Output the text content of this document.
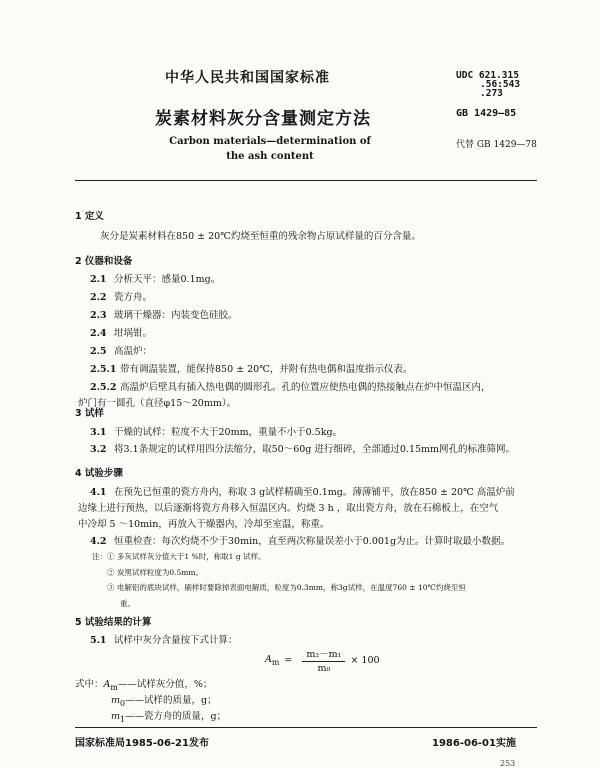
中华人民共和国国家标准
炭素材料灰分含量测定方法
Carbon materials—determination of the ash content
UDC 621.315
.56:543
.273
GB 1429—85
代替 GB 1429—78
1 定义
灰分是炭素材料在850 ± 20℃灼烧至恒重的残余物占原试样量的百分含量。
2 仪器和设备
2.1 分析天平：感量0.1mg。
2.2 瓷方舟。
2.3 玻璃干燥器：内装变色硅胶。
2.4 坩埚钳。
2.5 高温炉：
2.5.1 带有调温装置，能保持850 ± 20℃，并附有热电偶和温度指示仪表。
2.5.2 高温炉后壁具有插入热电偶的圆形孔。孔的位置应使热电偶的热接触点在炉中恒温区内，
炉门有一圆孔（直径φ15～20mm）。
3 试样
3.1 干燥的试样：粒度不大于20mm，重量不小于0.5kg。
3.2 将3.1条规定的试样用四分法缩分，取50～60g 进行细碎，全部通过0.15mm网孔的标准筛网。
4 试验步骤
4.1 在预先已恒重的瓷方舟内，称取 3 g试样精确至0.1mg。薄薄铺平，放在850 ± 20℃ 高温炉前
边缘上进行预热，以后逐渐将瓷方舟移入恒温区内。灼烧 3 h ，取出瓷方舟，放在石棉板上，在空气
中冷却 5 ～10min，再放入干燥器内，冷却至室温，称重。
4.2 恒重检查：每次灼烧不少于30min，直至两次称量误差小于0.001g为止。计算时取最小数据。
注：① 多灰试样灰分值大于1 %时，称取1 g 试样。
② 炭黑试样粒度为0.5mm。
③ 电解铝的底块试样，刷样时要除掉表面电解质，粒度为0.3mm，称3g试样，在温度760 ± 10℃灼烧至恒
重。
5 试验结果的计算
5.1 试样中灰分含量按下式计算：
$A_m = \frac{\text{m₂－m₁}}{\text{m₀}} \times 100$
式中：$A_m——$试样灰分值，%；
$m_0——$试样的质量，g；
$m_1——$瓷方舟的质量，g；
国家标准局1985-06-21发布	1986-06-01实施
253
